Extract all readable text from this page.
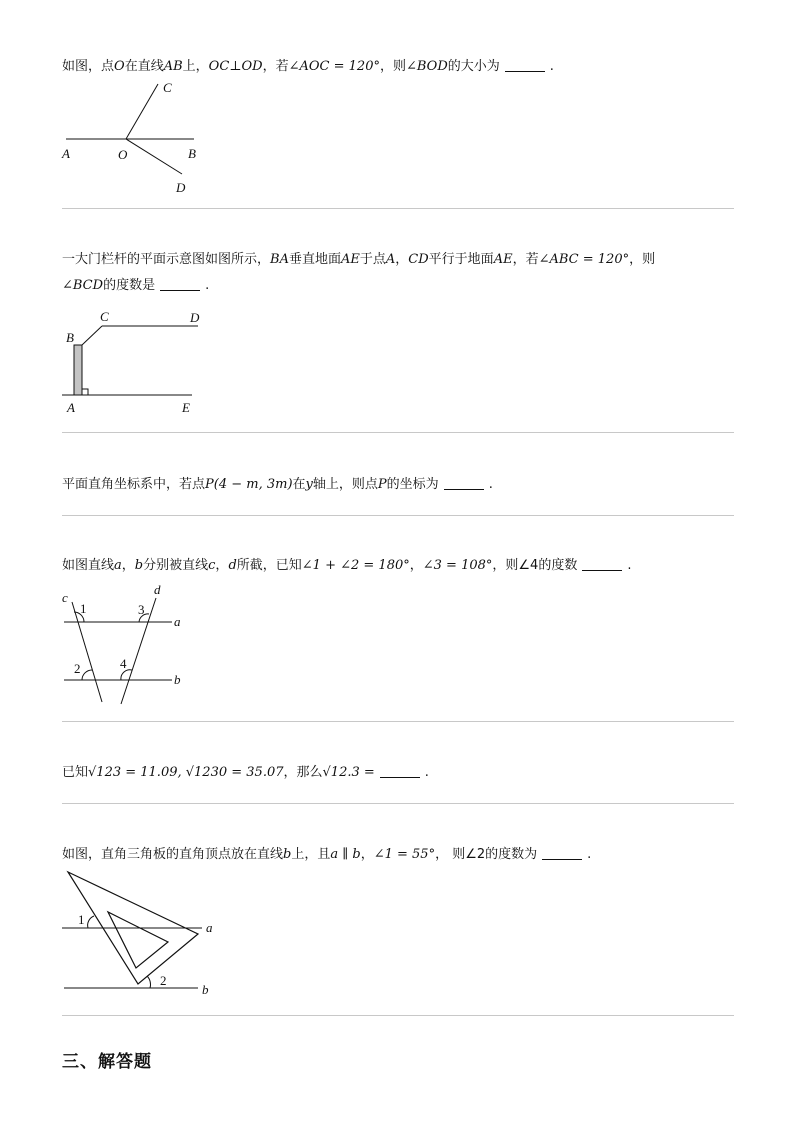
如图，点O在直线AB上，OC⊥OD，若∠AOC = 120°，则∠BOD的大小为	.
A	O	B
C
D
一大门栏杆的平面示意图如图所示，BA垂直地面AE于点A，CD平行于地面AE，若∠ABC = 120°，则
∠BCD的度数是	.
B
C	D
A	E
平面直角坐标系中，若点P(4 − m, 3m)在y轴上，则点P的坐标为	.
如图直线a，b分别被直线c，d所截，已知∠1 + ∠2 = 180°，∠3 = 108°，则∠4的度数	.
c
d
a
b
1	3
2	4
已知√123 = 11.09, √1230 = 35.07，那么√12.3 =	.
如图，直角三角板的直角顶点放在直线b上，且a ∥ b，∠1 = 55°， 则∠2的度数为	.
1
2
a
b
三、解答题
